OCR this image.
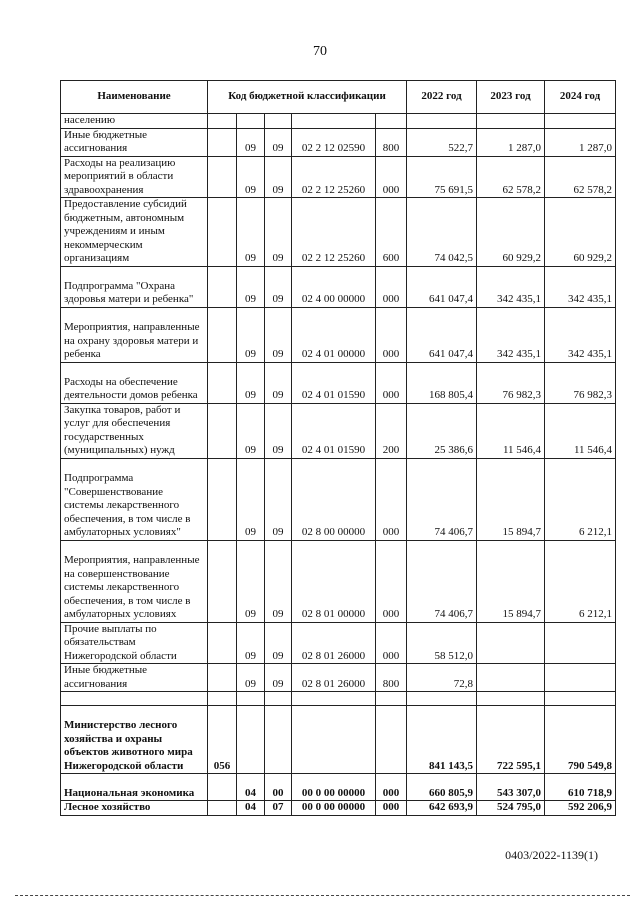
70
Наименование	Код бюджетной классификации					2022 год	2023 год	2024 год
населению								
Иные бюджетные ассигнования		09	09	02 2 12 02590	800	522,7	1 287,0	1 287,0
Расходы на реализацию мероприятий в области здравоохранения		09	09	02 2 12 25260	000	75 691,5	62 578,2	62 578,2
Предоставление субсидий бюджетным, автономным учреждениям и иным некоммерческим организациям		09	09	02 2 12 25260	600	74 042,5	60 929,2	60 929,2
Подпрограмма "Охрана здоровья матери и ребенка"		09	09	02 4 00 00000	000	641 047,4	342 435,1	342 435,1
Мероприятия, направленные на охрану здоровья матери и ребенка		09	09	02 4 01 00000	000	641 047,4	342 435,1	342 435,1
Расходы на обеспечение деятельности домов ребенка		09	09	02 4 01 01590	000	168 805,4	76 982,3	76 982,3
Закупка товаров, работ и услуг для обеспечения государственных (муниципальных) нужд		09	09	02 4 01 01590	200	25 386,6	11 546,4	11 546,4
Подпрограмма "Совершенствование системы лекарственного обеспечения, в том числе в амбулаторных условиях"		09	09	02 8 00 00000	000	74 406,7	15 894,7	6 212,1
Мероприятия, направленные на совершенствование системы лекарственного обеспечения, в том числе в амбулаторных условиях		09	09	02 8 01 00000	000	74 406,7	15 894,7	6 212,1
Прочие выплаты по обязательствам Нижегородской области		09	09	02 8 01 26000	000	58 512,0		
Иные бюджетные ассигнования		09	09	02 8 01 26000	800	72,8		

Министерство лесного хозяйства и охраны объектов животного мира Нижегородской области	056					841 143,5	722 595,1	790 549,8
Национальная экономика		04	00	00 0 00 00000	000	660 805,9	543 307,0	610 718,9
Лесное хозяйство		04	07	00 0 00 00000	000	642 693,9	524 795,0	592 206,9
0403/2022-1139(1)
